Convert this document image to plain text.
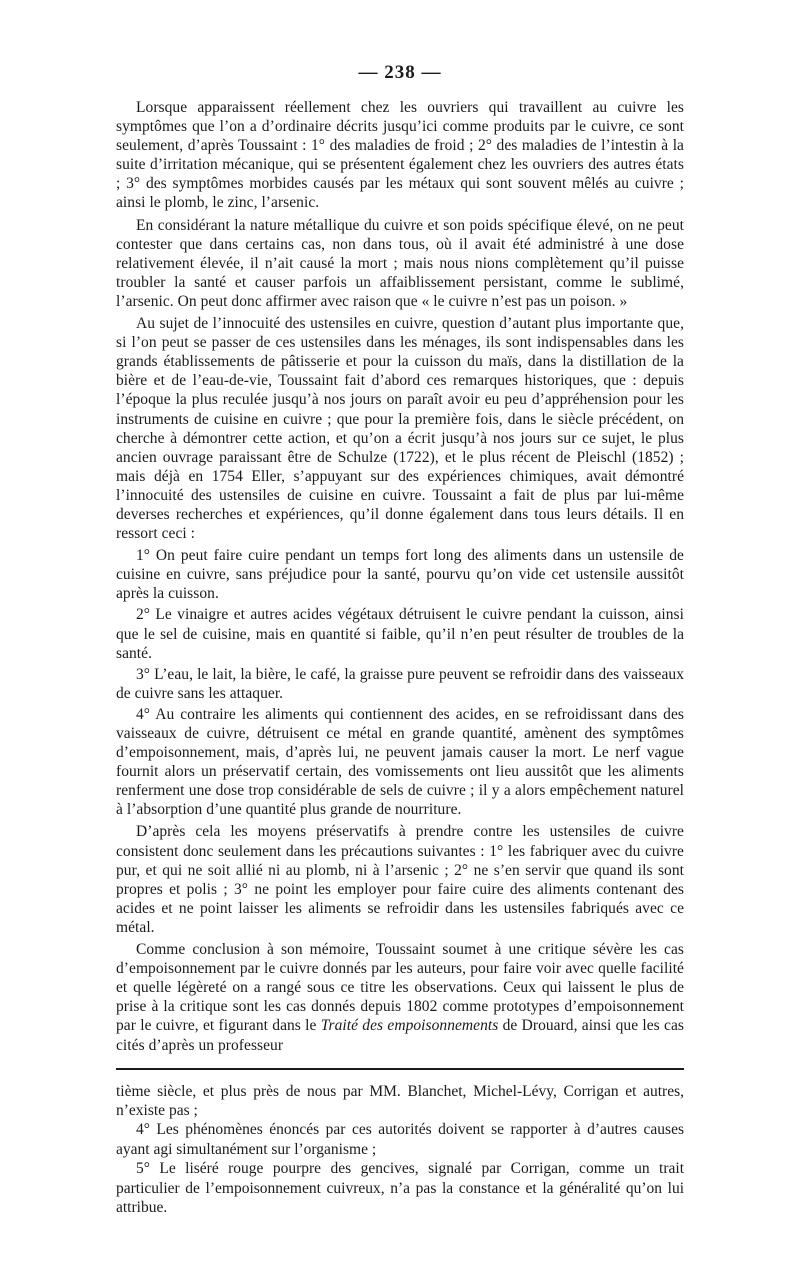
— 238 —

Lorsque apparaissent réellement chez les ouvriers qui travaillent au cuivre les symptômes que l’on a d’ordinaire décrits jusqu’ici comme produits par le cuivre, ce sont seulement, d’après Toussaint : 1° des maladies de froid ; 2° des maladies de l’intestin à la suite d’irritation mécanique, qui se présentent également chez les ouvriers des autres états ; 3° des symptômes morbides causés par les métaux qui sont souvent mêlés au cuivre ; ainsi le plomb, le zinc, l’arsenic.

En considérant la nature métallique du cuivre et son poids spécifique élevé, on ne peut contester que dans certains cas, non dans tous, où il avait été administré à une dose relativement élevée, il n’ait causé la mort ; mais nous nions complètement qu’il puisse troubler la santé et causer parfois un affaiblissement persistant, comme le sublimé, l’arsenic. On peut donc affirmer avec raison que « le cuivre n’est pas un poison. »

Au sujet de l’innocuité des ustensiles en cuivre, question d’autant plus importante que, si l’on peut se passer de ces ustensiles dans les ménages, ils sont indispensables dans les grands établissements de pâtisserie et pour la cuisson du maïs, dans la distillation de la bière et de l’eau-de-vie, Toussaint fait d’abord ces remarques historiques, que : depuis l’époque la plus reculée jusqu’à nos jours on paraît avoir eu peu d’appréhension pour les instruments de cuisine en cuivre ; que pour la première fois, dans le siècle précédent, on cherche à démontrer cette action, et qu’on a écrit jusqu’à nos jours sur ce sujet, le plus ancien ouvrage paraissant être de Schulze (1722), et le plus récent de Pleischl (1852) ; mais déjà en 1754 Eller, s’appuyant sur des expériences chimiques, avait démontré l’innocuité des ustensiles de cuisine en cuivre. Toussaint a fait de plus par lui-même deverses recherches et expériences, qu’il donne également dans tous leurs détails. Il en ressort ceci :

1° On peut faire cuire pendant un temps fort long des aliments dans un ustensile de cuisine en cuivre, sans préjudice pour la santé, pourvu qu’on vide cet ustensile aussitôt après la cuisson.

2° Le vinaigre et autres acides végétaux détruisent le cuivre pendant la cuisson, ainsi que le sel de cuisine, mais en quantité si faible, qu’il n’en peut résulter de troubles de la santé.

3° L’eau, le lait, la bière, le café, la graisse pure peuvent se refroidir dans des vaisseaux de cuivre sans les attaquer.

4° Au contraire les aliments qui contiennent des acides, en se refroidissant dans des vaisseaux de cuivre, détruisent ce métal en grande quantité, amènent des symptômes d’empoisonnement, mais, d’après lui, ne peuvent jamais causer la mort. Le nerf vague fournit alors un préservatif certain, des vomissements ont lieu aussitôt que les aliments renferment une dose trop considérable de sels de cuivre ; il y a alors empêchement naturel à l’absorption d’une quantité plus grande de nourriture.

D’après cela les moyens préservatifs à prendre contre les ustensiles de cuivre consistent donc seulement dans les précautions suivantes : 1° les fabriquer avec du cuivre pur, et qui ne soit allié ni au plomb, ni à l’arsenic ; 2° ne s’en servir que quand ils sont propres et polis ; 3° ne point les employer pour faire cuire des aliments contenant des acides et ne point laisser les aliments se refroidir dans les ustensiles fabriqués avec ce métal.

Comme conclusion à son mémoire, Toussaint soumet à une critique sévère les cas d’empoisonnement par le cuivre donnés par les auteurs, pour faire voir avec quelle facilité et quelle légèreté on a rangé sous ce titre les observations. Ceux qui laissent le plus de prise à la critique sont les cas donnés depuis 1802 comme prototypes d’empoisonnement par le cuivre, et figurant dans le Traité des empoisonnements de Drouard, ainsi que les cas cités d’après un professeur

tième siècle, et plus près de nous par MM. Blanchet, Michel-Lévy, Corrigan et autres, n’existe pas ;

4° Les phénomènes énoncés par ces autorités doivent se rapporter à d’autres causes ayant agi simultanément sur l’organisme ;

5° Le liséré rouge pourpre des gencives, signalé par Corrigan, comme un trait particulier de l’empoisonnement cuivreux, n’a pas la constance et la généralité qu’on lui attribue.
